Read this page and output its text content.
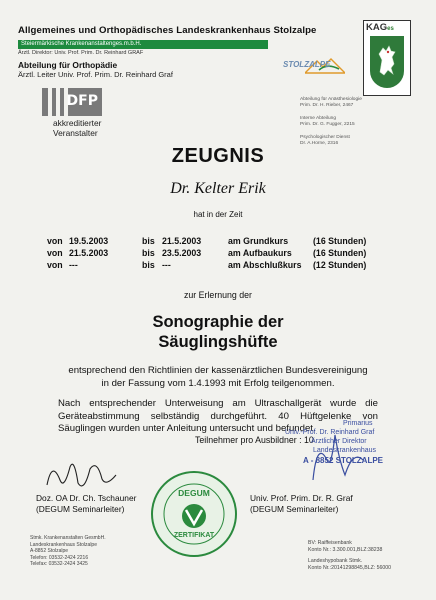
Allgemeines und Orthopädisches Landeskrankenhaus Stolzalpe
Steiermärkische Krankenanstaltenges.m.b.H.
Ärztl. Direktor: Univ. Prof. Prim. Dr. Reinhard GRAF
Abteilung für Orthopädie
Ärztl. Leiter Univ. Prof. Prim. Dr. Reinhard Graf
KAGes
STOLZALPE
Abteilung für Anästhesiologie
Prim. Dr. H. Rieber, 2467
Interne Abteilung
Prim. Dr. G. Fugger, 2215
Psychologischer Dienst
Dr. A.Horne, 2316
DFP
akkreditierter
Veranstalter
ZEUGNIS
Dr. Kelter Erik
hat in der Zeit
von 19.5.2003	bis 21.5.2003	am Grundkurs	(16 Stunden)
von 21.5.2003	bis 23.5.2003	am Aufbaukurs (16 Stunden)
von ---	bis ---	am Abschlußkurs (12 Stunden)
zur Erlernung der
Sonographie der
Säuglingshüfte
entsprechend den Richtlinien der kassenärztlichen Bundesvereinigung
in der Fassung vom 1.4.1993 mit Erfolg teilgenommen.
Nach entsprechender Unterweisung am Ultraschallgerät wurde die Geräteabstimmung selbständig durchgeführt. 40 Hüftgelenke von Säuglingen wurden unter Anleitung untersucht und befundet.
Teilnehmer pro Ausbildner : 10
Primarius
Univ.-Prof. Dr. Reinhard Graf
Ärztlicher Direktor
Landeskrankenhaus
A - 8852 STOLZALPE
Doz. OA Dr. Ch. Tschauner
(DEGUM Seminarleiter)
Univ. Prof. Prim. Dr. R. Graf
(DEGUM Seminarleiter)
DEGUM
ZERTIFIKAT
Stmk. Krankenanstalten GesmbH.
Landeskrankenhaus Stolzalpe
A-8852 Stolzalpe
Telefon: 03532-2424 2216
Telefax: 03532-2424 3425
BV: Raiffeisenbank
Konto Nr.: 3.300.001,BLZ:38238
Landeshypobank Stmk.
Konto Nr.:20141298845,BLZ: 56000
